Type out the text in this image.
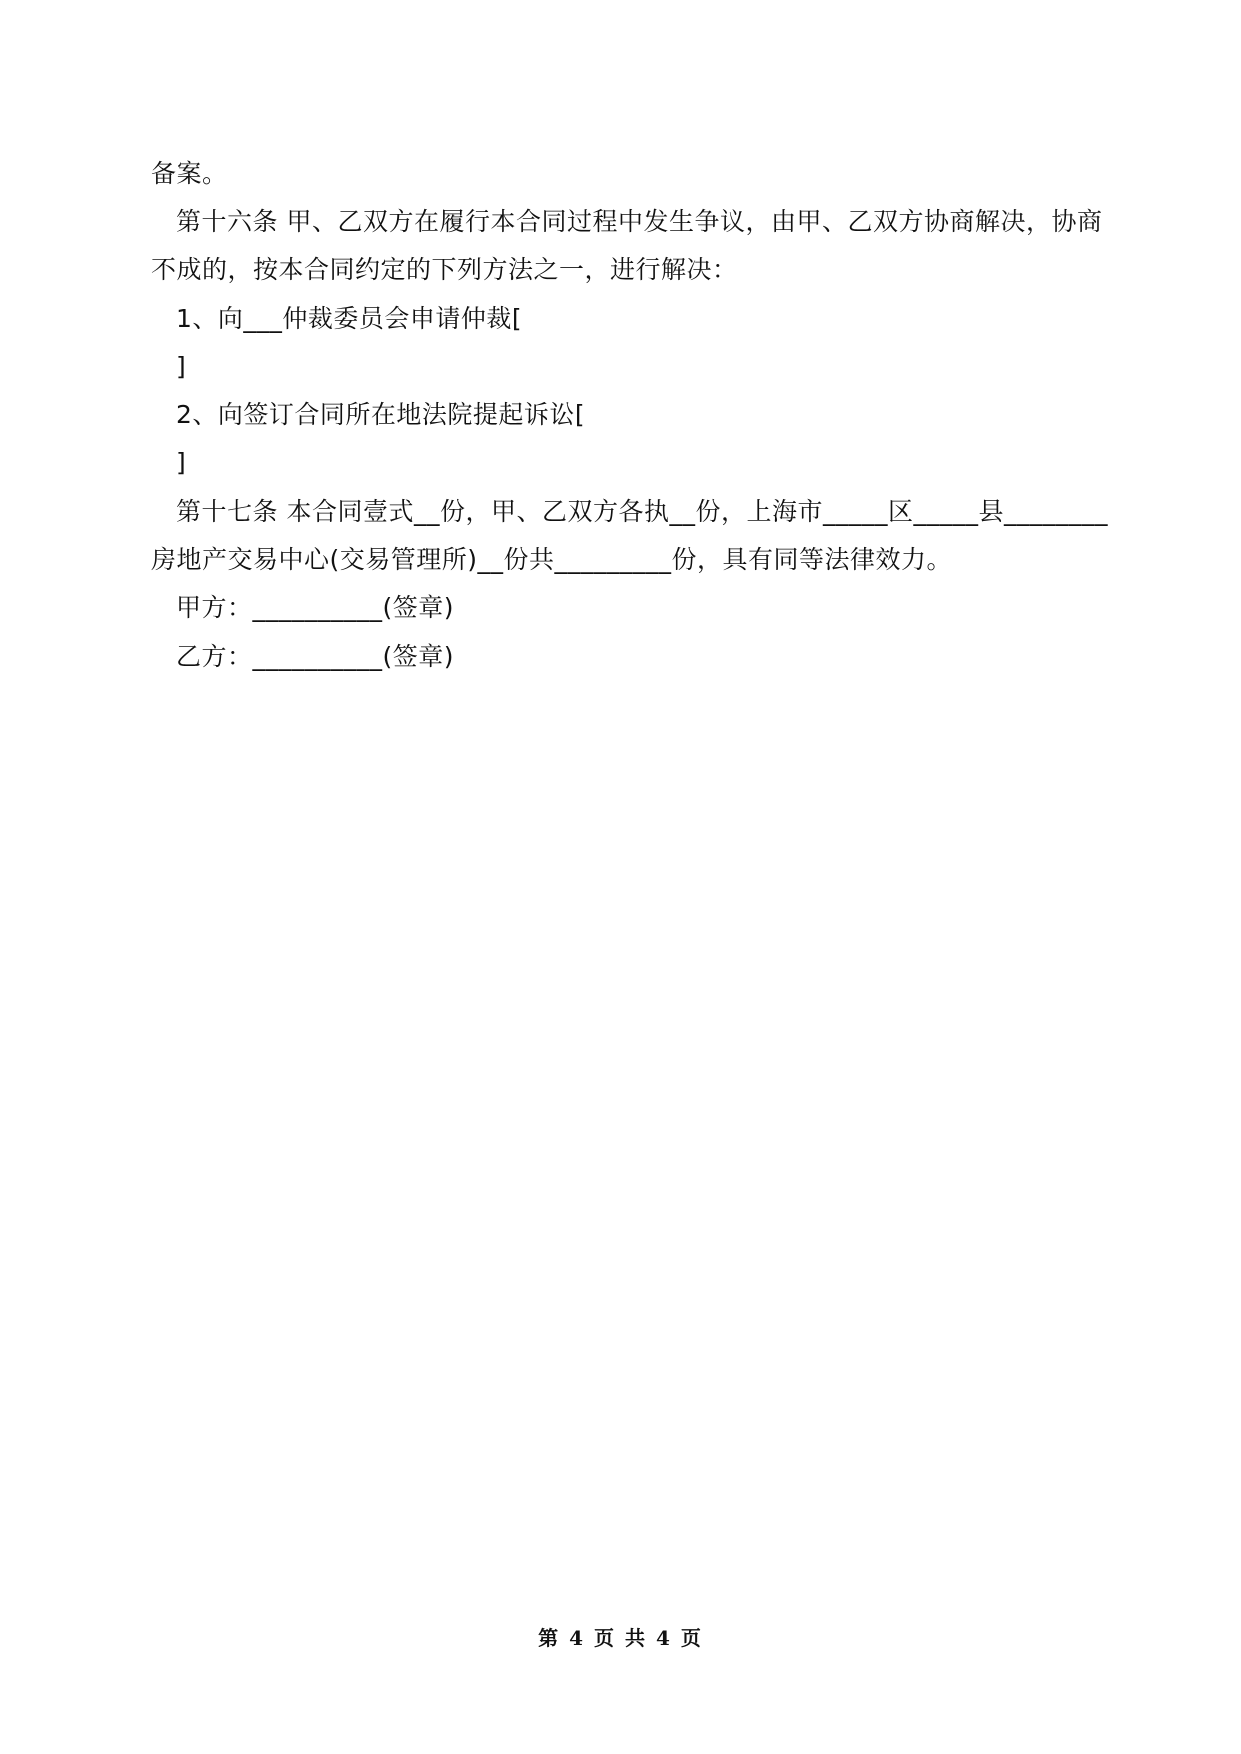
备案。
第十六条 甲、乙双方在履行本合同过程中发生争议，由甲、乙双方协商解决，协商
不成的，按本合同约定的下列方法之一，进行解决：
1、向___仲裁委员会申请仲裁[
]
2、向签订合同所在地法院提起诉讼[
]
第十七条 本合同壹式__份，甲、乙双方各执__份，上海市_____区_____县________
房地产交易中心(交易管理所)__份共_________份，具有同等法律效力。
甲方：__________(签章)
乙方：__________(签章)
第 4 页 共 4 页
